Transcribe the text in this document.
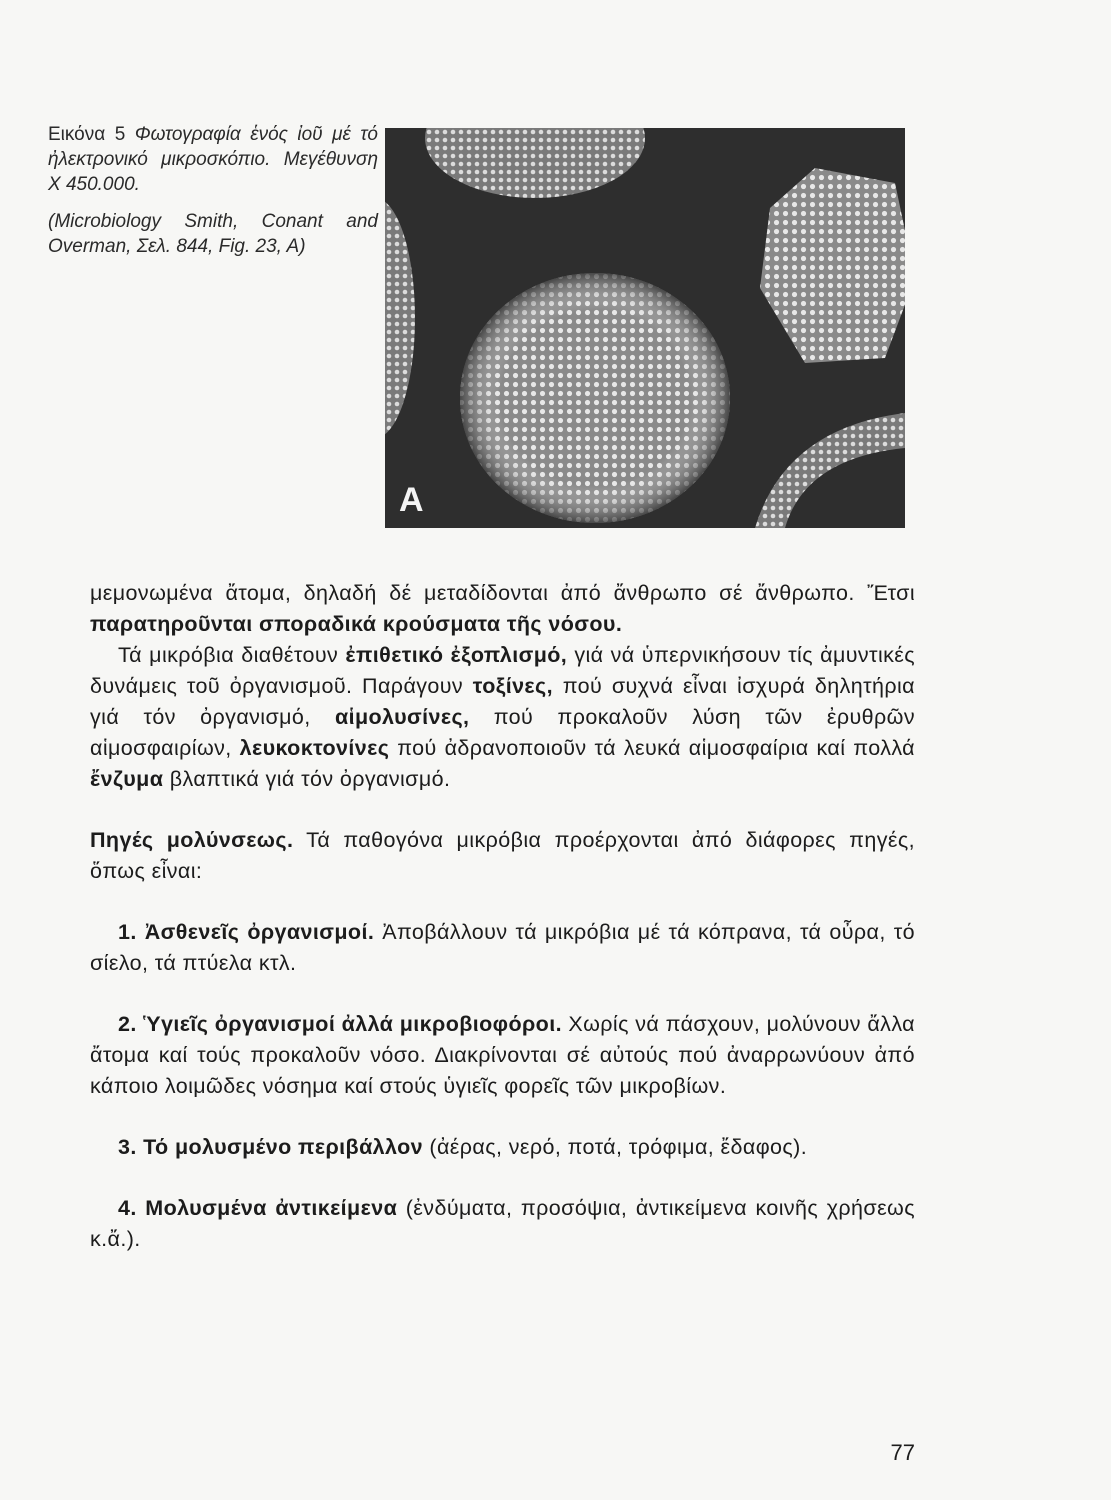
Εικόνα 5 Φωτογραφία ἑνός ἰοῦ μέ τό ἠλεκτρονικό μικροσκόπιο. Μεγέθυνση Χ 450.000.

(Microbiology Smith, Conant and Overman, Σελ. 844, Fig. 23, A)

A

μεμονωμένα ἄτομα, δηλαδή δέ μεταδίδονται ἀπό ἄνθρωπο σέ ἄνθρωπο. Ἔτσι παρατηροῦνται σποραδικά κρούσματα τῆς νόσου.

Τά μικρόβια διαθέτουν ἐπιθετικό ἐξοπλισμό, γιά νά ὑπερνικήσουν τίς ἀμυντικές δυνάμεις τοῦ ὀργανισμοῦ. Παράγουν τοξίνες, πού συχνά εἶναι ἰσχυρά δηλητήρια γιά τόν ὀργανισμό, αἱμολυσίνες, πού προκαλοῦν λύση τῶν ἐρυθρῶν αἱμοσφαιρίων, λευκοκτονίνες πού ἀδρανοποιοῦν τά λευκά αἱμοσφαίρια καί πολλά ἔνζυμα βλαπτικά γιά τόν ὀργανισμό.

Πηγές μολύνσεως. Τά παθογόνα μικρόβια προέρχονται ἀπό διάφορες πηγές, ὅπως εἶναι:

1. Ἀσθενεῖς ὀργανισμοί. Ἀποβάλλουν τά μικρόβια μέ τά κόπρανα, τά οὖρα, τό σίελο, τά πτύελα κτλ.

2. Ὑγιεῖς ὀργανισμοί ἀλλά μικροβιοφόροι. Χωρίς νά πάσχουν, μολύνουν ἄλλα ἄτομα καί τούς προκαλοῦν νόσο. Διακρίνονται σέ αὐτούς πού ἀναρρωνύουν ἀπό κάποιο λοιμῶδες νόσημα καί στούς ὑγιεῖς φορεῖς τῶν μικροβίων.

3. Τό μολυσμένο περιβάλλον (ἀέρας, νερό, ποτά, τρόφιμα, ἔδαφος).

4. Μολυσμένα ἀντικείμενα (ἐνδύματα, προσόψια, ἀντικείμενα κοινῆς χρήσεως κ.ἄ.).

77
